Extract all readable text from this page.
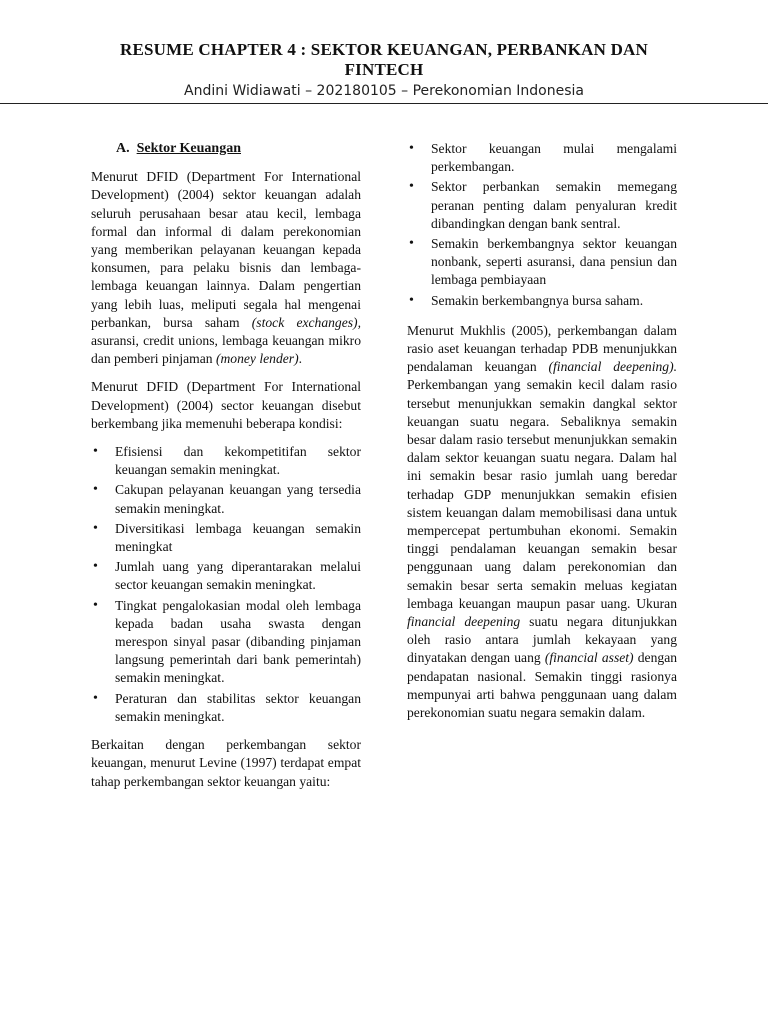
RESUME CHAPTER 4 : SEKTOR KEUANGAN, PERBANKAN DAN FINTECH
Andini Widiawati – 202180105 – Perekonomian Indonesia
A. Sektor Keuangan

Menurut DFID (Department For International Development) (2004) sektor keuangan adalah seluruh perusahaan besar atau kecil, lembaga formal dan informal di dalam perekonomian yang memberikan pelayanan keuangan kepada konsumen, para pelaku bisnis dan lembaga-lembaga keuangan lainnya. Dalam pengertian yang lebih luas, meliputi segala hal mengenai perbankan, bursa saham (stock exchanges), asuransi, credit unions, lembaga keuangan mikro dan pemberi pinjaman (money lender).

Menurut DFID (Department For International Development) (2004) sector keuangan disebut berkembang jika memenuhi beberapa kondisi:

• Efisiensi dan kekompetitifan sektor keuangan semakin meningkat.
• Cakupan pelayanan keuangan yang tersedia semakin meningkat.
• Diversitikasi lembaga keuangan semakin meningkat
• Jumlah uang yang diperantarakan melalui sector keuangan semakin meningkat.
• Tingkat pengalokasian modal oleh lembaga kepada badan usaha swasta dengan merespon sinyal pasar (dibanding pinjaman langsung pemerintah dari bank pemerintah) semakin meningkat.
• Peraturan dan stabilitas sektor keuangan semakin meningkat.

Berkaitan dengan perkembangan sektor keuangan, menurut Levine (1997) terdapat empat tahap perkembangan sektor keuangan yaitu:

• Sektor keuangan mulai mengalami perkembangan.
• Sektor perbankan semakin memegang peranan penting dalam penyaluran kredit dibandingkan dengan bank sentral.
• Semakin berkembangnya sektor keuangan nonbank, seperti asuransi, dana pensiun dan lembaga pembiayaan
• Semakin berkembangnya bursa saham.

Menurut Mukhlis (2005), perkembangan dalam rasio aset keuangan terhadap PDB menunjukkan pendalaman keuangan (financial deepening). Perkembangan yang semakin kecil dalam rasio tersebut menunjukkan semakin dangkal sektor keuangan suatu negara. Sebaliknya semakin besar dalam rasio tersebut menunjukkan semakin dalam sektor keuangan suatu negara. Dalam hal ini semakin besar rasio jumlah uang beredar terhadap GDP menunjukkan semakin efisien sistem keuangan dalam memobilisasi dana untuk mempercepat pertumbuhan ekonomi. Semakin tinggi pendalaman keuangan semakin besar penggunaan uang dalam perekonomian dan semakin besar serta semakin meluas kegiatan lembaga keuangan maupun pasar uang. Ukuran financial deepening suatu negara ditunjukkan oleh rasio antara jumlah kekayaan yang dinyatakan dengan uang (financial asset) dengan pendapatan nasional. Semakin tinggi rasionya mempunyai arti bahwa penggunaan uang dalam perekonomian suatu negara semakin dalam.
